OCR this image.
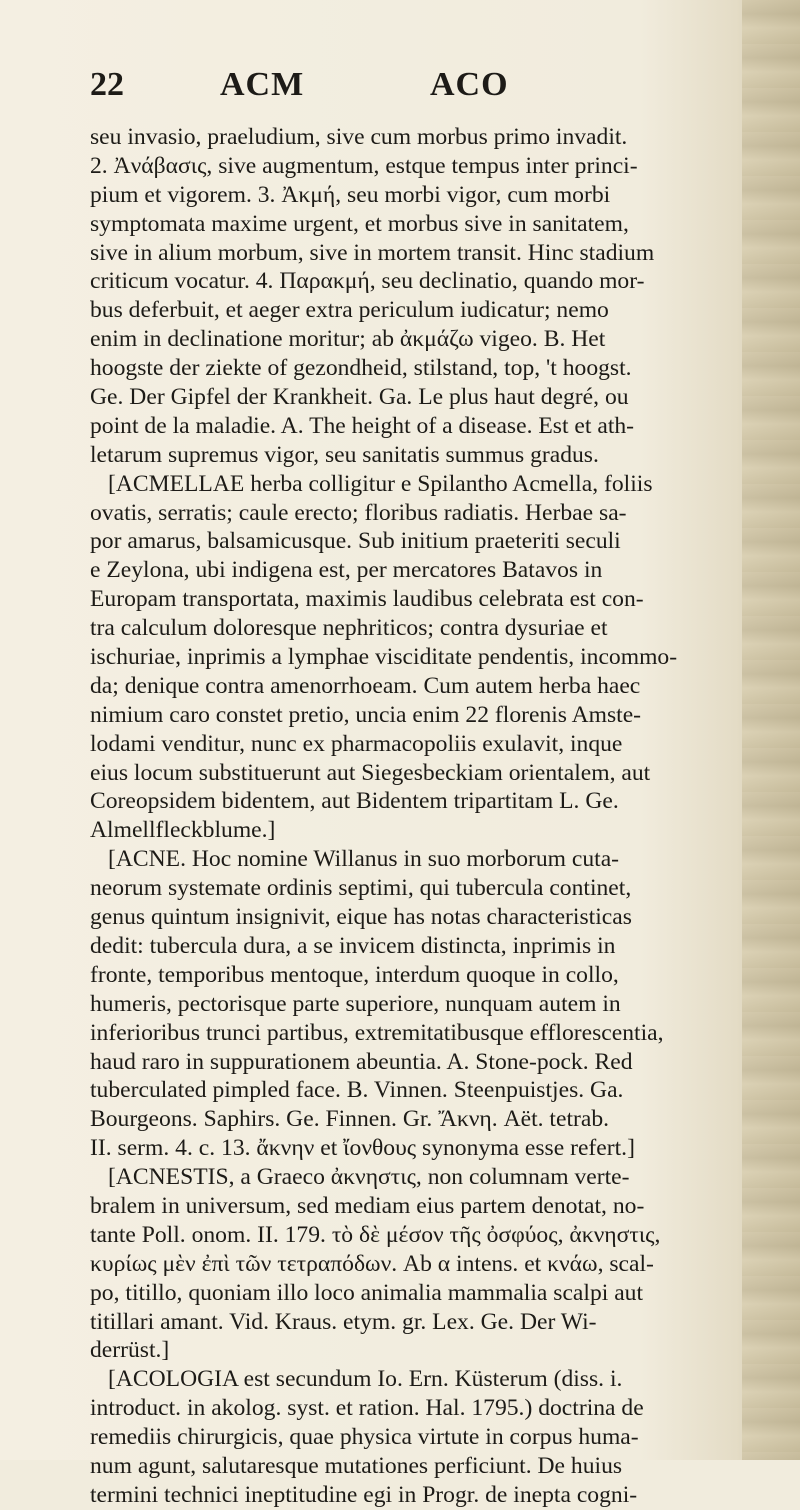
22	ACM	ACO
seu invasio, praeludium, sive cum morbus primo invadit.
2. Ἀνάβασις, sive augmentum, estque tempus inter princi-
pium et vigorem. 3. Ἀκμή, seu morbi vigor, cum morbi
symptomata maxime urgent, et morbus sive in sanitatem,
sive in alium morbum, sive in mortem transit. Hinc stadium
criticum vocatur. 4. Παρακμή, seu declinatio, quando mor-
bus deferbuit, et aeger extra periculum iudicatur; nemo
enim in declinatione moritur; ab ἀκμάζω vigeo. B. Het
hoogste der ziekte of gezondheid, stilstand, top, 't hoogst.
Ge. Der Gipfel der Krankheit. Ga. Le plus haut degré, ou
point de la maladie. A. The height of a disease. Est et ath-
letarum supremus vigor, seu sanitatis summus gradus.
[ACMELLAE herba colligitur e Spilantho Acmella, foliis
ovatis, serratis; caule erecto; floribus radiatis. Herbae sa-
por amarus, balsamicusque. Sub initium praeteriti seculi
e Zeylona, ubi indigena est, per mercatores Batavos in
Europam transportata, maximis laudibus celebrata est con-
tra calculum doloresque nephriticos; contra dysuriae et
ischuriae, inprimis a lymphae visciditate pendentis, incommo-
da; denique contra amenorrhoeam. Cum autem herba haec
nimium caro constet pretio, uncia enim 22 florenis Amste-
lodami venditur, nunc ex pharmacopoliis exulavit, inque
eius locum substituerunt aut Siegesbeckiam orientalem, aut
Coreopsidem bidentem, aut Bidentem tripartitam L. Ge.
Almellfleckblume.]
[ACNE. Hoc nomine Willanus in suo morborum cuta-
neorum systemate ordinis septimi, qui tubercula continet,
genus quintum insignivit, eique has notas characteristicas
dedit: tubercula dura, a se invicem distincta, inprimis in
fronte, temporibus mentoque, interdum quoque in collo,
humeris, pectorisque parte superiore, nunquam autem in
inferioribus trunci partibus, extremitatibusque efflorescentia,
haud raro in suppurationem abeuntia. A. Stone-pock. Red
tuberculated pimpled face. B. Vinnen. Steenpuistjes. Ga.
Bourgeons. Saphirs. Ge. Finnen. Gr. Ἄκνη. Aët. tetrab.
II. serm. 4. c. 13. ἄκνην et ἴονθους synonyma esse refert.]
[ACNESTIS, a Graeco ἀκνηστις, non columnam verte-
bralem in universum, sed mediam eius partem denotat, no-
tante Poll. onom. II. 179. τὸ δὲ μέσον τῆς ὀσφύος, ἀκνηστις,
κυρίως μὲν ἐπὶ τῶν τετραπόδων. Ab α intens. et κνάω, scal-
po, titillo, quoniam illo loco animalia mammalia scalpi aut
titillari amant. Vid. Kraus. etym. gr. Lex. Ge. Der Wi-
derrüst.]
[ACOLOGIA est secundum Io. Ern. Küsterum (diss. i.
introduct. in akolog. syst. et ration. Hal. 1795.) doctrina de
remediis chirurgicis, quae physica virtute in corpus huma-
num agunt, salutaresque mutationes perficiunt. De huius
termini technici ineptitudine egi in Progr. de inepta cogni-
